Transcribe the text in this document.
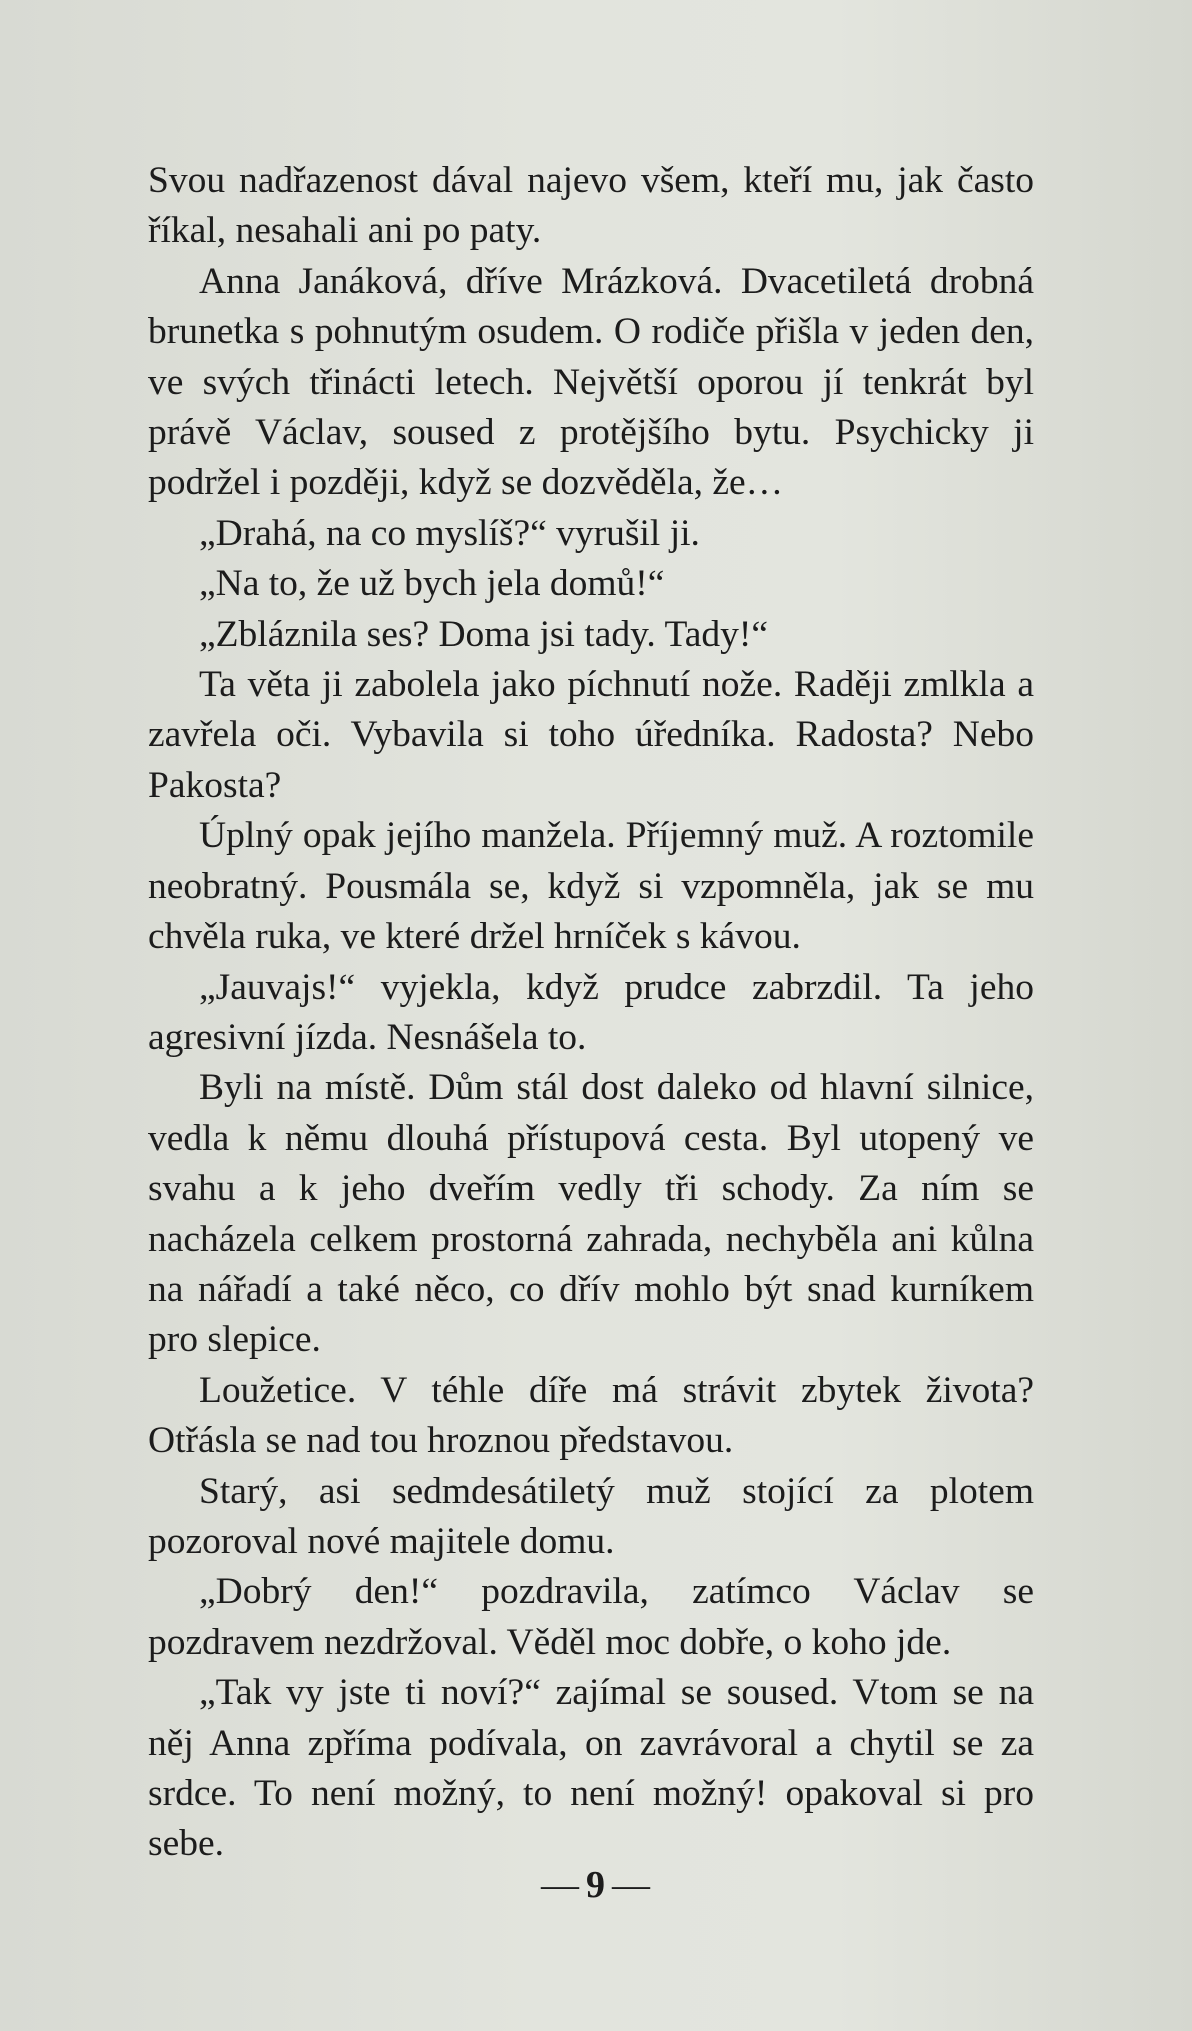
Svou nadřazenost dával najevo všem, kteří mu, jak často říkal, nesahali ani po paty.

Anna Janáková, dříve Mrázková. Dvacetiletá drobná brunetka s pohnutým osudem. O rodiče přišla v jeden den, ve svých třinácti letech. Největší oporou jí tenkrát byl právě Václav, soused z protějšího bytu. Psychicky ji podržel i později, když se dozvěděla, že…

„Drahá, na co myslíš?“ vyrušil ji.

„Na to, že už bych jela domů!“

„Zbláznila ses? Doma jsi tady. Tady!“

Ta věta ji zabolela jako píchnutí nože. Raději zmlkla a zavřela oči. Vybavila si toho úředníka. Radosta? Nebo Pakosta?

Úplný opak jejího manžela. Příjemný muž. A roztomile neobratný. Pousmála se, když si vzpomněla, jak se mu chvěla ruka, ve které držel hrníček s kávou.

„Jauvajs!“ vyjekla, když prudce zabrzdil. Ta jeho agresivní jízda. Nesnášela to.

Byli na místě. Dům stál dost daleko od hlavní silnice, vedla k němu dlouhá přístupová cesta. Byl utopený ve svahu a k jeho dveřím vedly tři schody. Za ním se nacházela celkem prostorná zahrada, nechyběla ani kůlna na nářadí a také něco, co dřív mohlo být snad kurníkem pro slepice.

Loužetice. V téhle díře má strávit zbytek života? Otřásla se nad tou hroznou představou.

Starý, asi sedmdesátiletý muž stojící za plotem pozoroval nové majitele domu.

„Dobrý den!“ pozdravila, zatímco Václav se pozdravem nezdržoval. Věděl moc dobře, o koho jde.

„Tak vy jste ti noví?“ zajímal se soused. Vtom se na něj Anna zpříma podívala, on zavrávoral a chytil se za srdce. To není možný, to není možný! opakoval si pro sebe.

— 9 —
